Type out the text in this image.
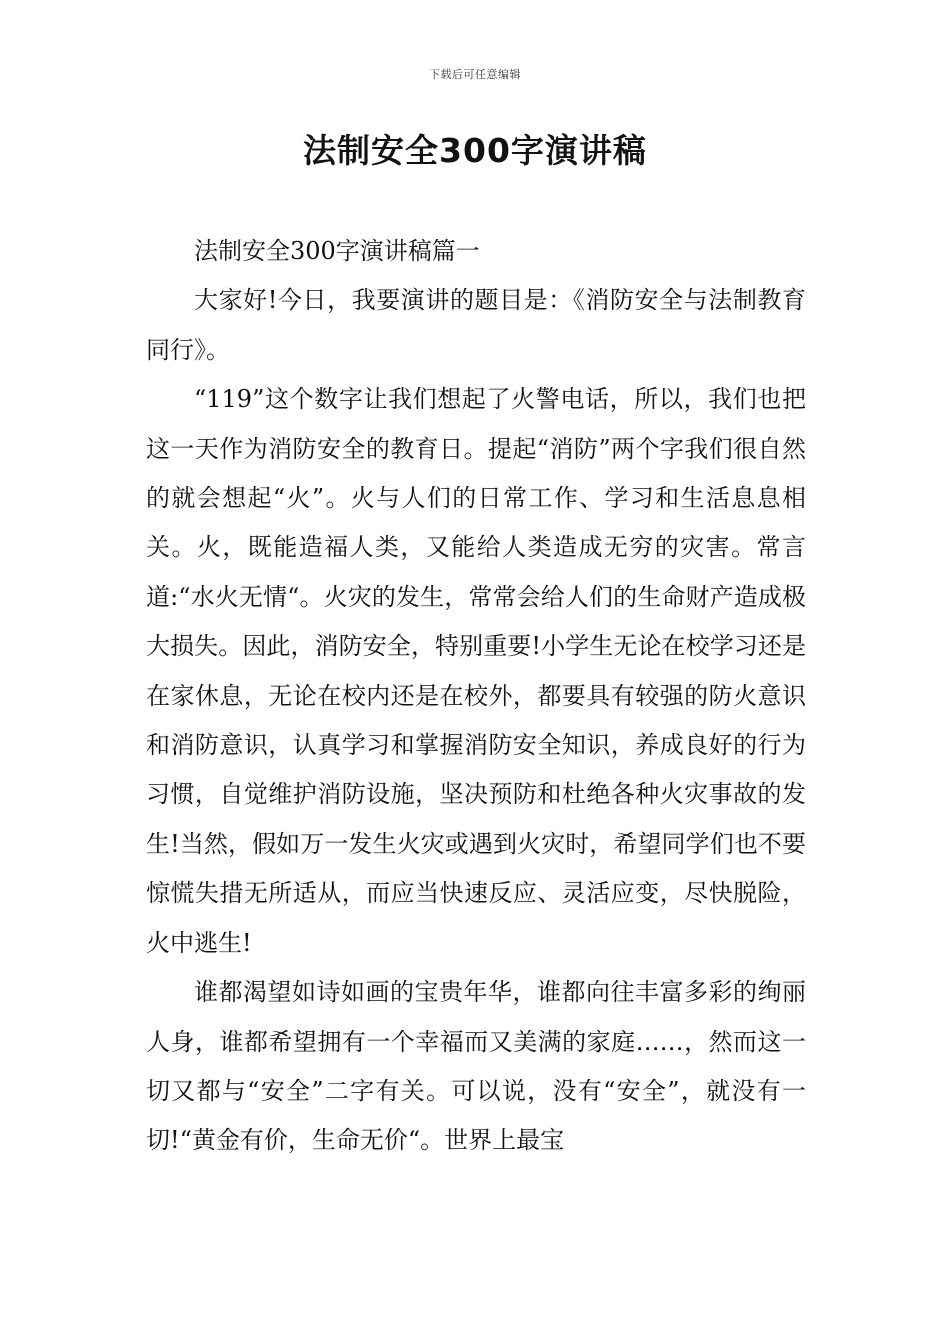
下载后可任意编辑
法制安全300字演讲稿

法制安全300字演讲稿篇一

大家好!今日，我要演讲的题目是：《消防安全与法制教育同行》。

“119”这个数字让我们想起了火警电话，所以，我们也把这一天作为消防安全的教育日。提起“消防”两个字我们很自然的就会想起“火”。火与人们的日常工作、学习和生活息息相关。火，既能造福人类，又能给人类造成无穷的灾害。常言道:“水火无情“。火灾的发生，常常会给人们的生命财产造成极大损失。因此，消防安全，特别重要!小学生无论在校学习还是在家休息，无论在校内还是在校外，都要具有较强的防火意识和消防意识，认真学习和掌握消防安全知识，养成良好的行为习惯，自觉维护消防设施，坚决预防和杜绝各种火灾事故的发生!当然，假如万一发生火灾或遇到火灾时，希望同学们也不要惊慌失措无所适从，而应当快速反应、灵活应变，尽快脱险，火中逃生!

谁都渴望如诗如画的宝贵年华，谁都向往丰富多彩的绚丽人身，谁都希望拥有一个幸福而又美满的家庭……，然而这一切又都与“安全”二字有关。可以说，没有“安全”，就没有一切!“黄金有价，生命无价“。世界上最宝
